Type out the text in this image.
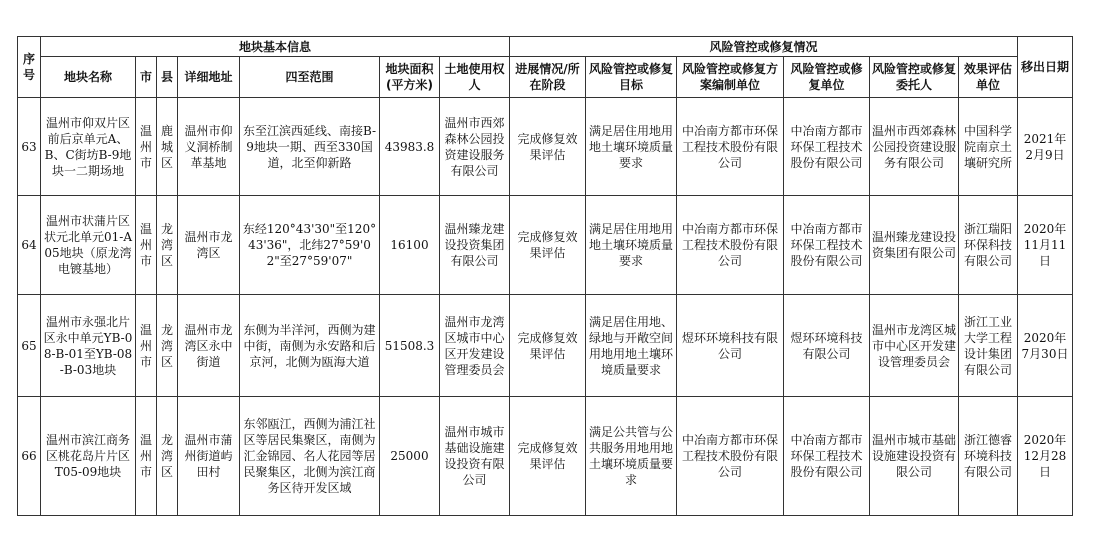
序号	地块基本信息							风险管控或修复情况						移出日期
	地块名称	市	县	详细地址	四至范围	地块面积(平方米)	土地使用权人	进展情况/所在阶段	风险管控或修复目标	风险管控或修复方案编制单位	风险管控或修复单位	风险管控或修复委托人	效果评估单位	
63	温州市仰双片区前后京单元A、B、C街坊B-9地块一二期场地	温州市	鹿城区	温州市仰义洞桥制革基地	东至江滨西延线、南接B-9地块一期、西至330国道，北至仰新路	43983.8	温州市西郊森林公园投资建设服务有限公司	完成修复效果评估	满足居住用地用地土壤环境质量要求	中冶南方都市环保工程技术股份有限公司	中冶南方都市环保工程技术股份有限公司	温州市西郊森林公园投资建设服务有限公司	中国科学院南京土壤研究所	2021年2月9日
64	温州市状蒲片区状元北单元01-A05地块（原龙湾电镀基地）	温州市	龙湾区	温州市龙湾区	东经120°43'30"至120°43'36"，北纬27°59'02"至27°59'07"	16100	温州臻龙建设投资集团有限公司	完成修复效果评估	满足居住用地用地土壤环境质量要求	中冶南方都市环保工程技术股份有限公司	中冶南方都市环保工程技术股份有限公司	温州臻龙建设投资集团有限公司	浙江瑞阳环保科技有限公司	2020年11月11日
65	温州市永强北片区永中单元YB-08-B-01至YB-08-B-03地块	温州市	龙湾区	温州市龙湾区永中街道	东侧为半洋河，西侧为建中街，南侧为永安路和后京河，北侧为瓯海大道	51508.3	温州市龙湾区城市中心区开发建设管理委员会	完成修复效果评估	满足居住用地、绿地与开敞空间用地用地土壤环境质量要求	煜环环境科技有限公司	煜环环境科技有限公司	温州市龙湾区城市中心区开发建设管理委员会	浙江工业大学工程设计集团有限公司	2020年7月30日
66	温州市滨江商务区桃花岛片片区T05-09地块	温州市	龙湾区	温州市蒲州街道屿田村	东邻瓯江，西侧为浦江社区等居民集聚区，南侧为汇金锦园、名人花园等居民聚集区，北侧为滨江商务区待开发区域	25000	温州市城市基础设施建设投资有限公司	完成修复效果评估	满足公共管与公共服务用地用地土壤环境质量要求	中冶南方都市环保工程技术股份有限公司	中冶南方都市环保工程技术股份有限公司	温州市城市基础设施建设投资有限公司	浙江德睿环境科技有限公司	2020年12月28日
